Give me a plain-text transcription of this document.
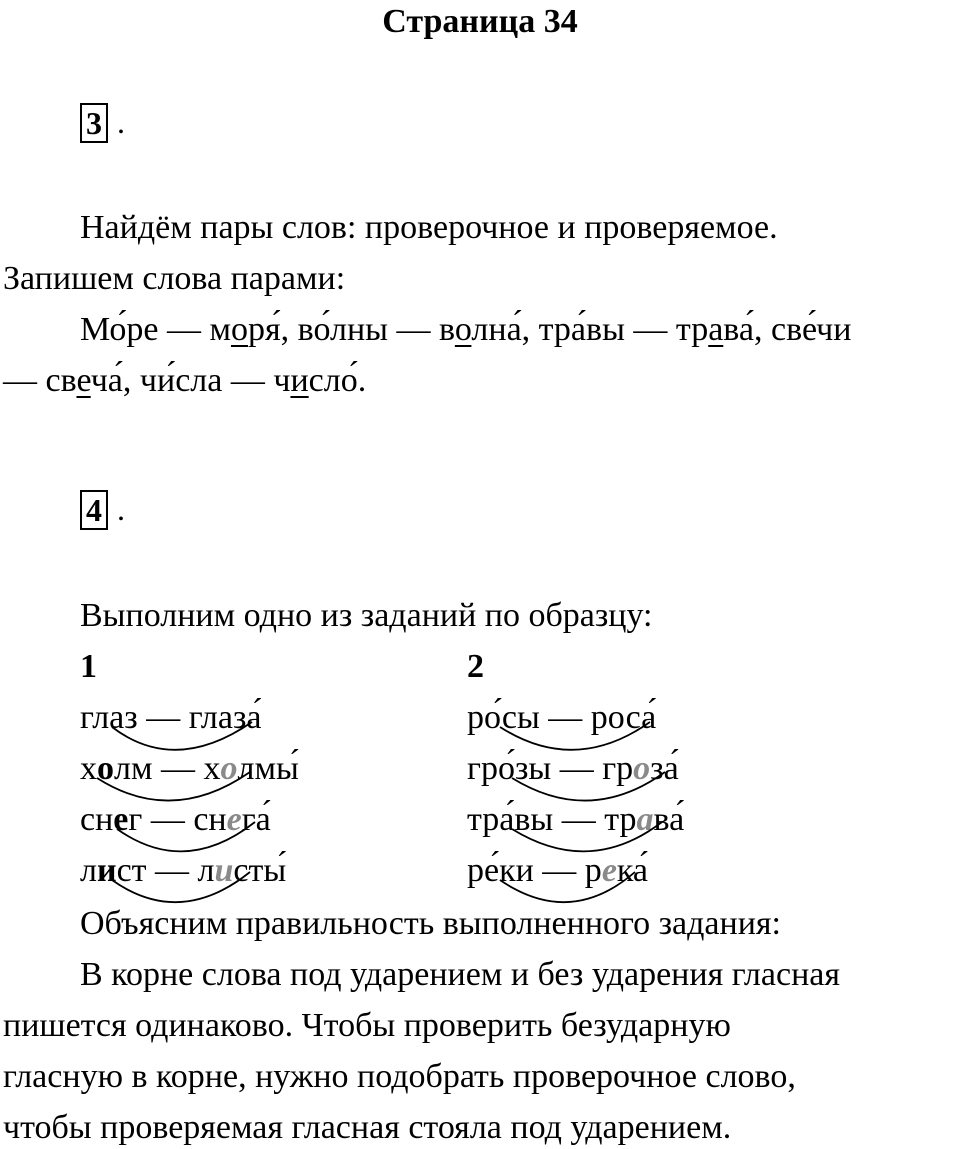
Страница 34
3 .
Найдём пары слов: проверочное и проверяемое.
Запишем слова парами:
Мо́ре — моря́, во́лны — волна́, тра́вы — трава́, све́чи
— свеча́, чи́сла — число́.
4 .
Выполним одно из заданий по образцу:
1	2
глаз — глаза́
холм — холмы́
снег — снега́
лист — листы́
ро́сы — роса́
гро́зы — гроза́
тра́вы — трава́
ре́ки — река́
Объясним правильность выполненного задания:
В корне слова под ударением и без ударения гласная
пишется одинаково. Чтобы проверить безударную
гласную в корне, нужно подобрать проверочное слово,
чтобы проверяемая гласная стояла под ударением.
